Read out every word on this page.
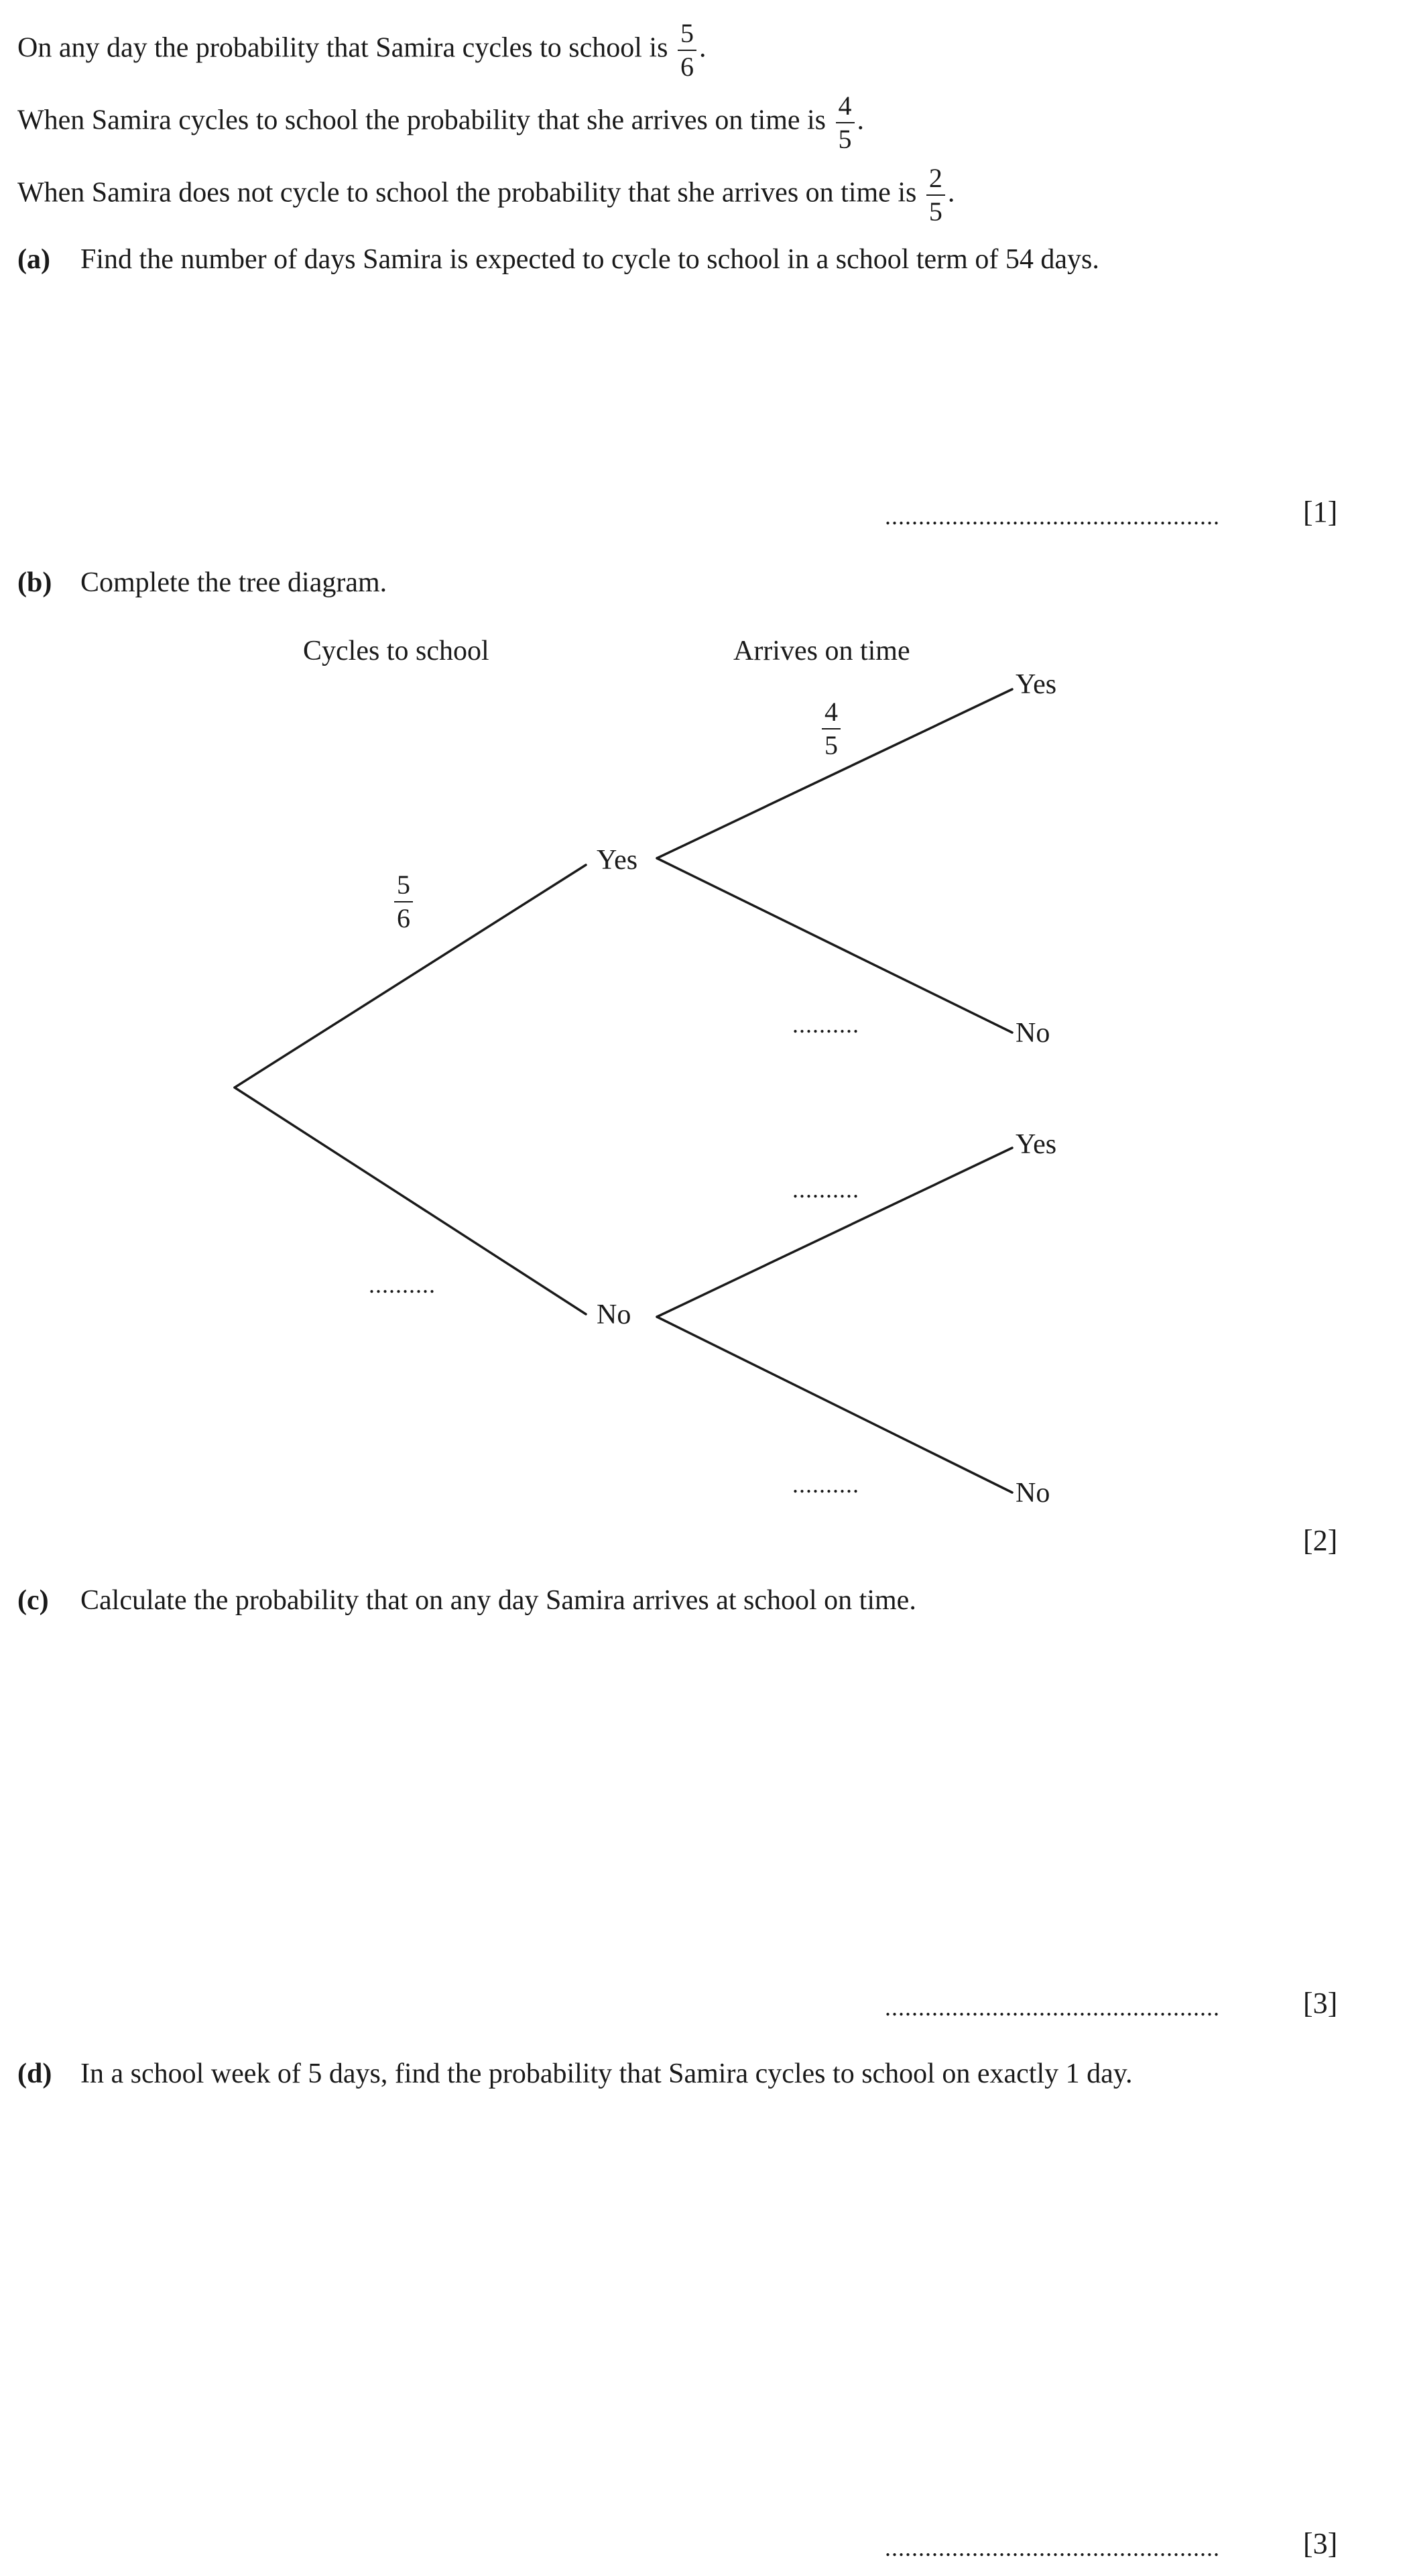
On any day the probability that Samira cycles to school is $\frac{5}{6}$ .
When Samira cycles to school the probability that she arrives on time is $\frac{4}{5}$ .
When Samira does not cycle to school the probability that she arrives on time is $\frac{2}{5}$ .
(a) Find the number of days Samira is expected to cycle to school in a school term of 54 days.
..................................................	[1]
(b) Complete the tree diagram.
Cycles to school	Arrives on time
Yes
No
$\frac{5}{6}$
..........
Yes
No
Yes
No
$\frac{4}{5}$
..........
..........
..........
[2]
(c) Calculate the probability that on any day Samira arrives at school on time.
..................................................	[3]
(d) In a school week of 5 days, find the probability that Samira cycles to school on exactly 1 day.
..................................................	[3]
